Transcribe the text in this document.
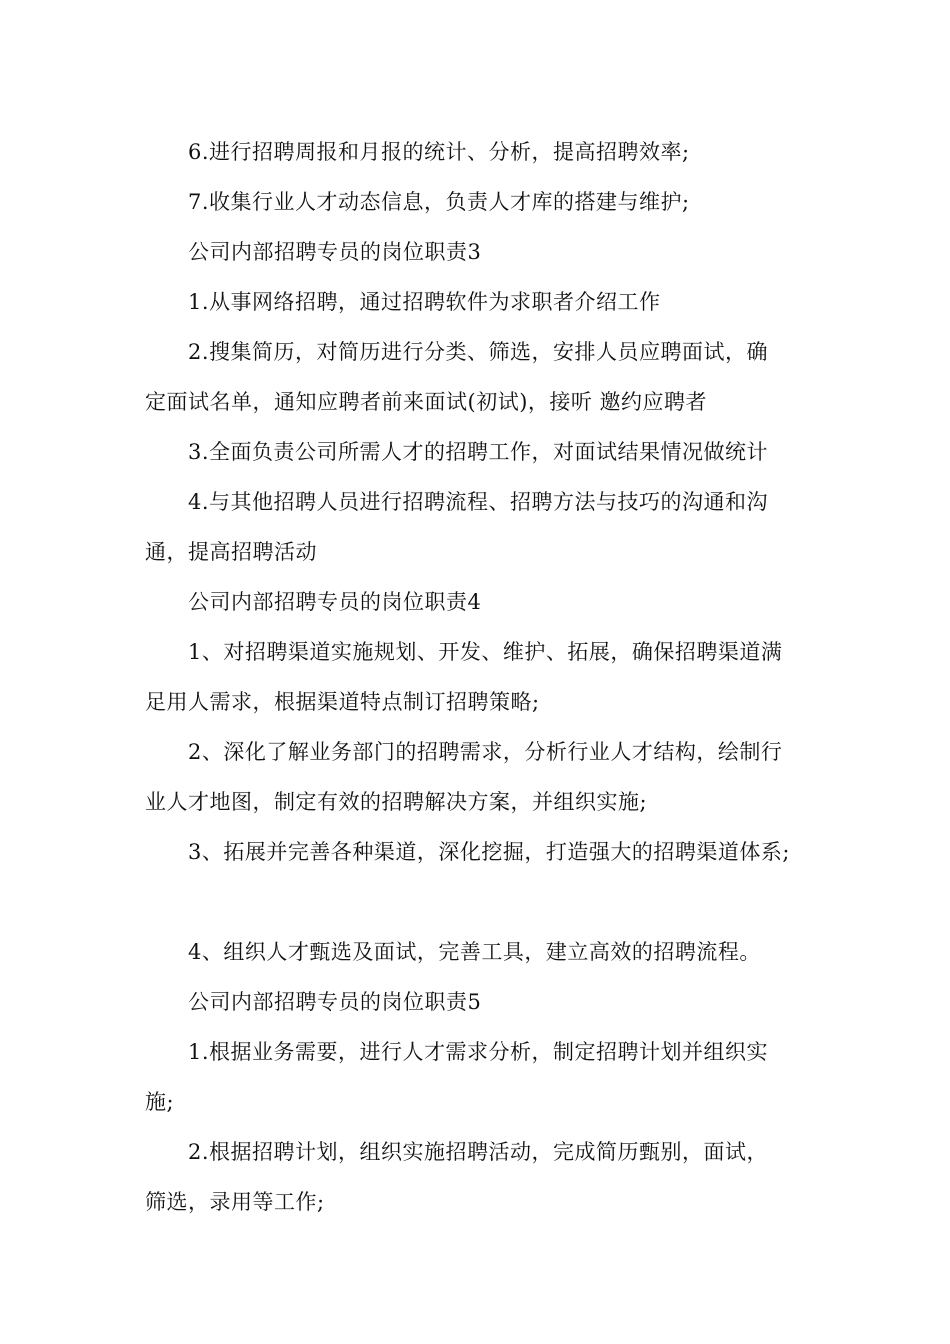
6.进行招聘周报和月报的统计、分析，提高招聘效率;
7.收集行业人才动态信息，负责人才库的搭建与维护;
公司内部招聘专员的岗位职责3
1.从事网络招聘，通过招聘软件为求职者介绍工作
2.搜集简历，对简历进行分类、筛选，安排人员应聘面试，确
定面试名单，通知应聘者前来面试(初试)，接听 邀约应聘者
3.全面负责公司所需人才的招聘工作，对面试结果情况做统计
4.与其他招聘人员进行招聘流程、招聘方法与技巧的沟通和沟
通，提高招聘活动
公司内部招聘专员的岗位职责4
1、对招聘渠道实施规划、开发、维护、拓展，确保招聘渠道满
足用人需求，根据渠道特点制订招聘策略;
2、深化了解业务部门的招聘需求，分析行业人才结构，绘制行
业人才地图，制定有效的招聘解决方案，并组织实施;
3、拓展并完善各种渠道，深化挖掘，打造强大的招聘渠道体系;
4、组织人才甄选及面试，完善工具，建立高效的招聘流程。
公司内部招聘专员的岗位职责5
1.根据业务需要，进行人才需求分析，制定招聘计划并组织实
施;
2.根据招聘计划，组织实施招聘活动，完成简历甄别，面试，
筛选，录用等工作;
